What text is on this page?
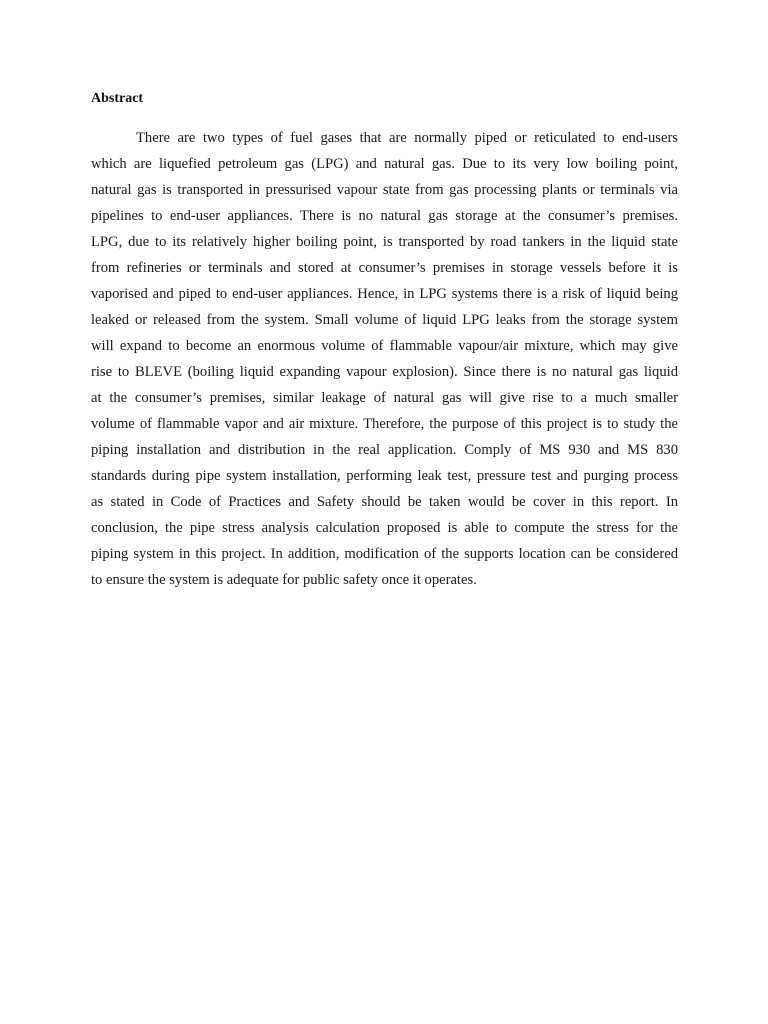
Abstract
There are two types of fuel gases that are normally piped or reticulated to end-users
which are liquefied petroleum gas (LPG) and natural gas. Due to its very low boiling point,
natural gas is transported in pressurised vapour state from gas processing plants or terminals via
pipelines to end-user appliances. There is no natural gas storage at the consumer’s premises.
LPG, due to its relatively higher boiling point, is transported by road tankers in the liquid state
from refineries or terminals and stored at consumer’s premises in storage vessels before it is
vaporised and piped to end-user appliances. Hence, in LPG systems there is a risk of liquid being
leaked or released from the system. Small volume of liquid LPG leaks from the storage system
will expand to become an enormous volume of flammable vapour/air mixture, which may give
rise to BLEVE (boiling liquid expanding vapour explosion). Since there is no natural gas liquid
at the consumer’s premises, similar leakage of natural gas will give rise to a much smaller
volume of flammable vapor and air mixture. Therefore, the purpose of this project is to study the
piping installation and distribution in the real application. Comply of MS 930 and MS 830
standards during pipe system installation, performing leak test, pressure test and purging process
as stated in Code of Practices and Safety should be taken would be cover in this report. In
conclusion, the pipe stress analysis calculation proposed is able to compute the stress for the
piping system in this project. In addition, modification of the supports location can be considered
to ensure the system is adequate for public safety once it operates.
